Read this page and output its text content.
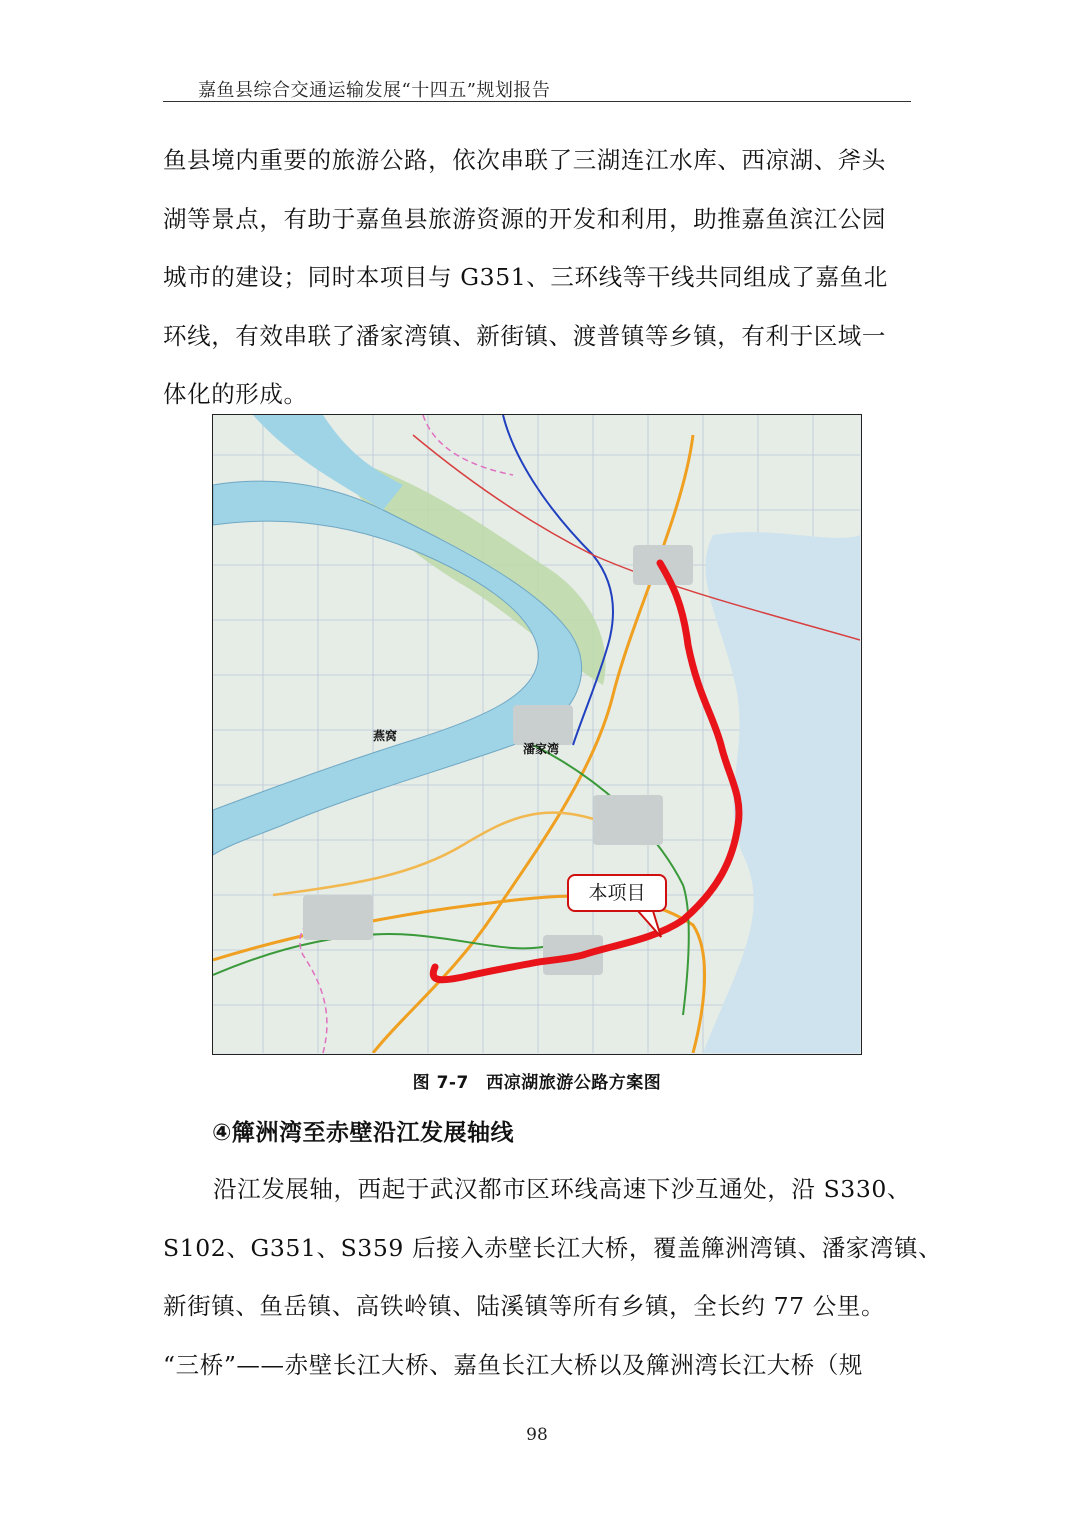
嘉鱼县综合交通运输发展“十四五”规划报告

鱼县境内重要的旅游公路，依次串联了三湖连江水库、西凉湖、斧头

湖等景点，有助于嘉鱼县旅游资源的开发和利用，助推嘉鱼滨江公园

城市的建设；同时本项目与 G351、三环线等干线共同组成了嘉鱼北

环线，有效串联了潘家湾镇、新街镇、渡普镇等乡镇，有利于区域一

体化的形成。

燕窝
潘家湾
本项目
图 7-7　西凉湖旅游公路方案图
④簰洲湾至赤壁沿江发展轴线

沿江发展轴，西起于武汉都市区环线高速下沙互通处，沿 S330、

S102、G351、S359 后接入赤壁长江大桥，覆盖簰洲湾镇、潘家湾镇、

新街镇、鱼岳镇、高铁岭镇、陆溪镇等所有乡镇，全长约 77 公里。

“三桥”——赤壁长江大桥、嘉鱼长江大桥以及簰洲湾长江大桥（规

98
